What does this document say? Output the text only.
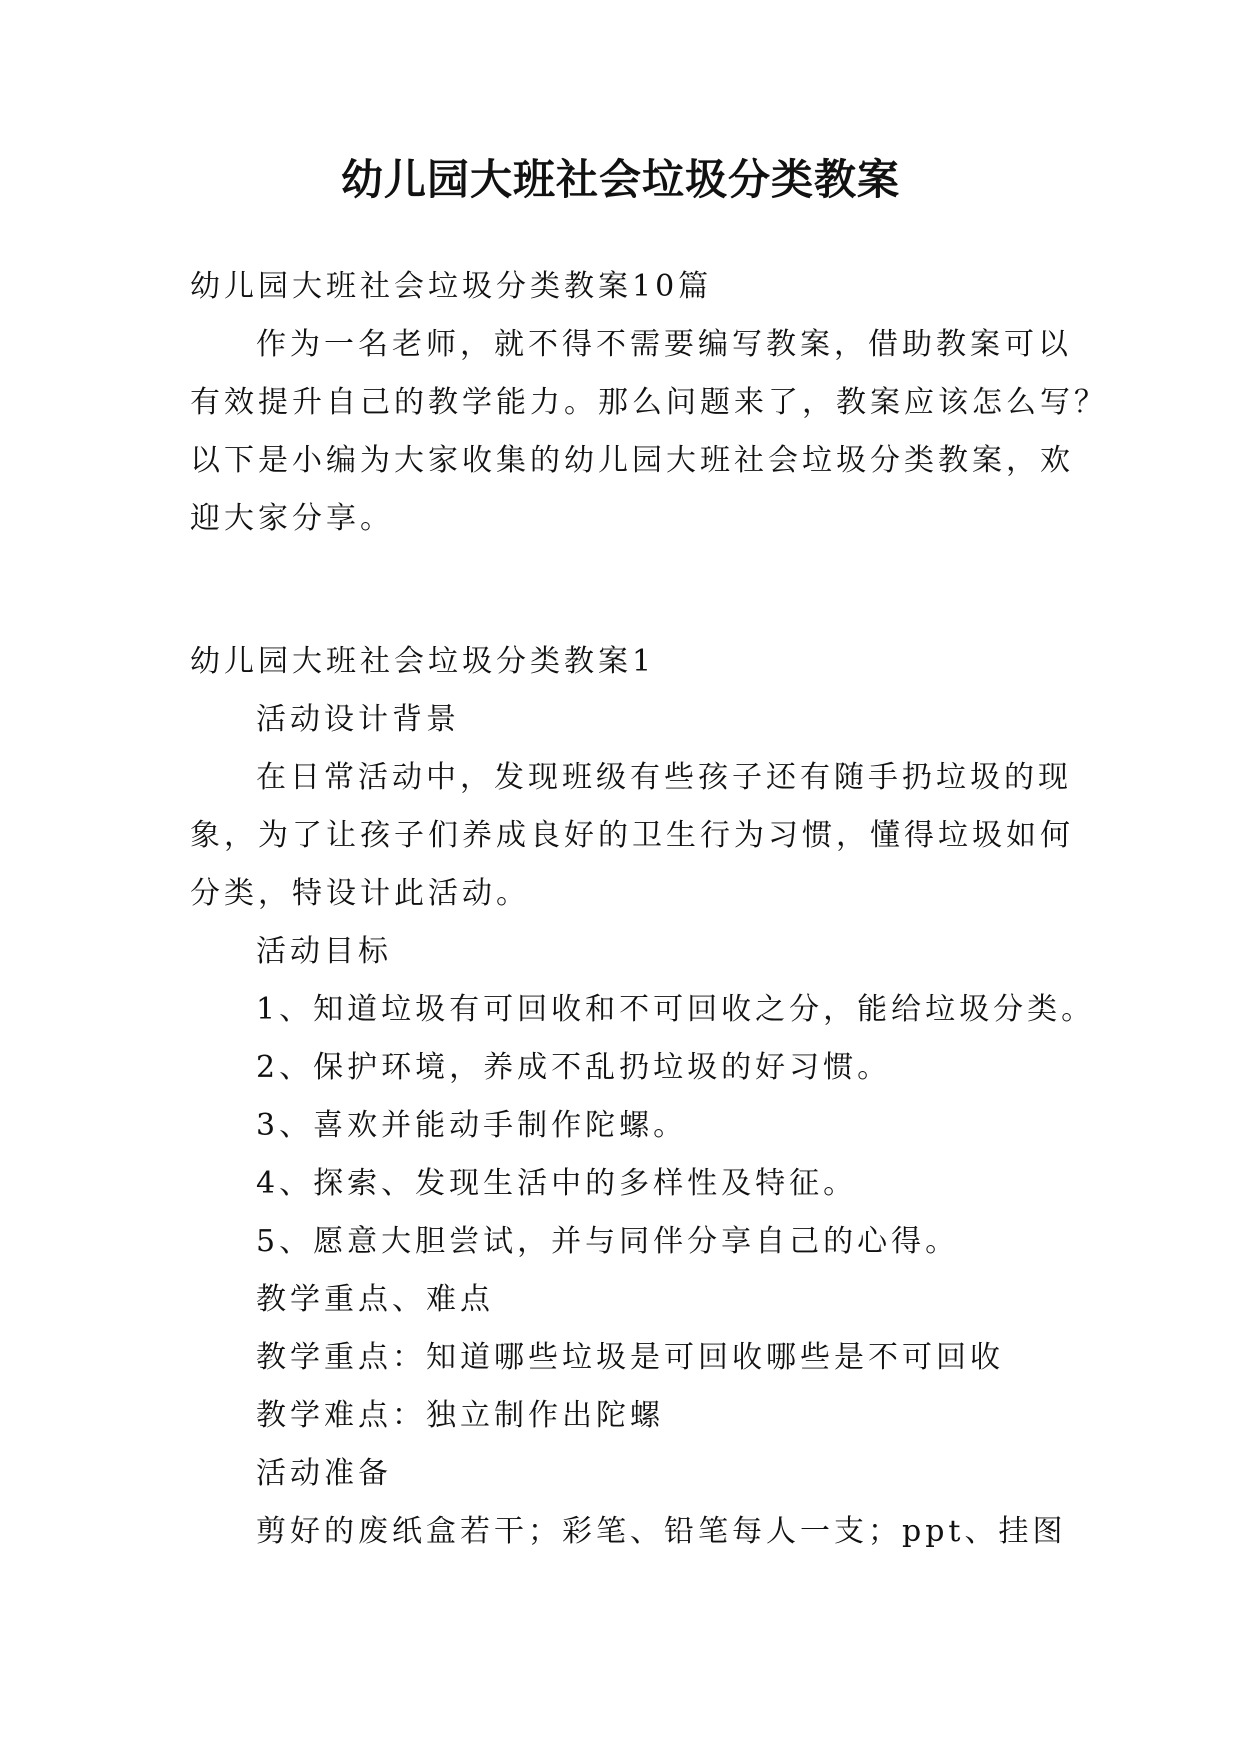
幼儿园大班社会垃圾分类教案
幼儿园大班社会垃圾分类教案10篇
作为一名老师，就不得不需要编写教案，借助教案可以
有效提升自己的教学能力。那么问题来了，教案应该怎么写？
以下是小编为大家收集的幼儿园大班社会垃圾分类教案，欢
迎大家分享。
幼儿园大班社会垃圾分类教案1
活动设计背景
在日常活动中，发现班级有些孩子还有随手扔垃圾的现
象，为了让孩子们养成良好的卫生行为习惯，懂得垃圾如何
分类，特设计此活动。
活动目标
1、知道垃圾有可回收和不可回收之分，能给垃圾分类。
2、保护环境，养成不乱扔垃圾的好习惯。
3、喜欢并能动手制作陀螺。
4、探索、发现生活中的多样性及特征。
5、愿意大胆尝试，并与同伴分享自己的心得。
教学重点、难点
教学重点：知道哪些垃圾是可回收哪些是不可回收
教学难点：独立制作出陀螺
活动准备
剪好的废纸盒若干；彩笔、铅笔每人一支；ppt、挂图
